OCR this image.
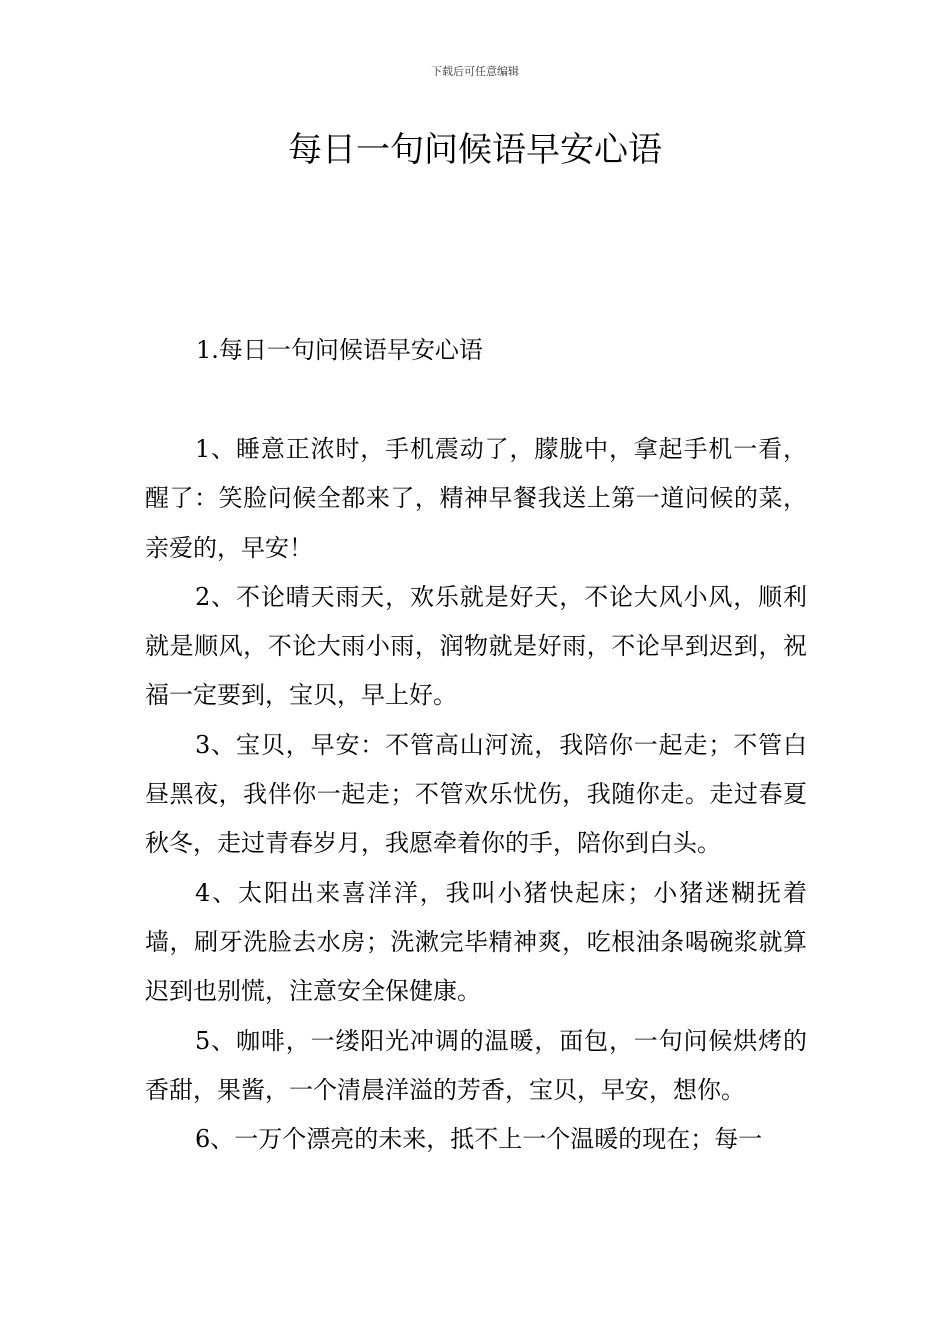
下载后可任意编辑
每日一句问候语早安心语
1.每日一句问候语早安心语

1、睡意正浓时，手机震动了，朦胧中，拿起手机一看，醒了：笑脸问候全都来了，精神早餐我送上第一道问候的菜，亲爱的，早安！

2、不论晴天雨天，欢乐就是好天，不论大风小风，顺利就是顺风，不论大雨小雨，润物就是好雨，不论早到迟到，祝福一定要到，宝贝，早上好。

3、宝贝，早安：不管高山河流，我陪你一起走；不管白昼黑夜，我伴你一起走；不管欢乐忧伤，我随你走。走过春夏秋冬，走过青春岁月，我愿牵着你的手，陪你到白头。

4、太阳出来喜洋洋，我叫小猪快起床；小猪迷糊抚着墙，刷牙洗脸去水房；洗漱完毕精神爽，吃根油条喝碗浆就算迟到也别慌，注意安全保健康。

5、咖啡，一缕阳光冲调的温暖，面包，一句问候烘烤的香甜，果酱，一个清晨洋溢的芳香，宝贝，早安，想你。

6、一万个漂亮的未来，抵不上一个温暖的现在；每一
